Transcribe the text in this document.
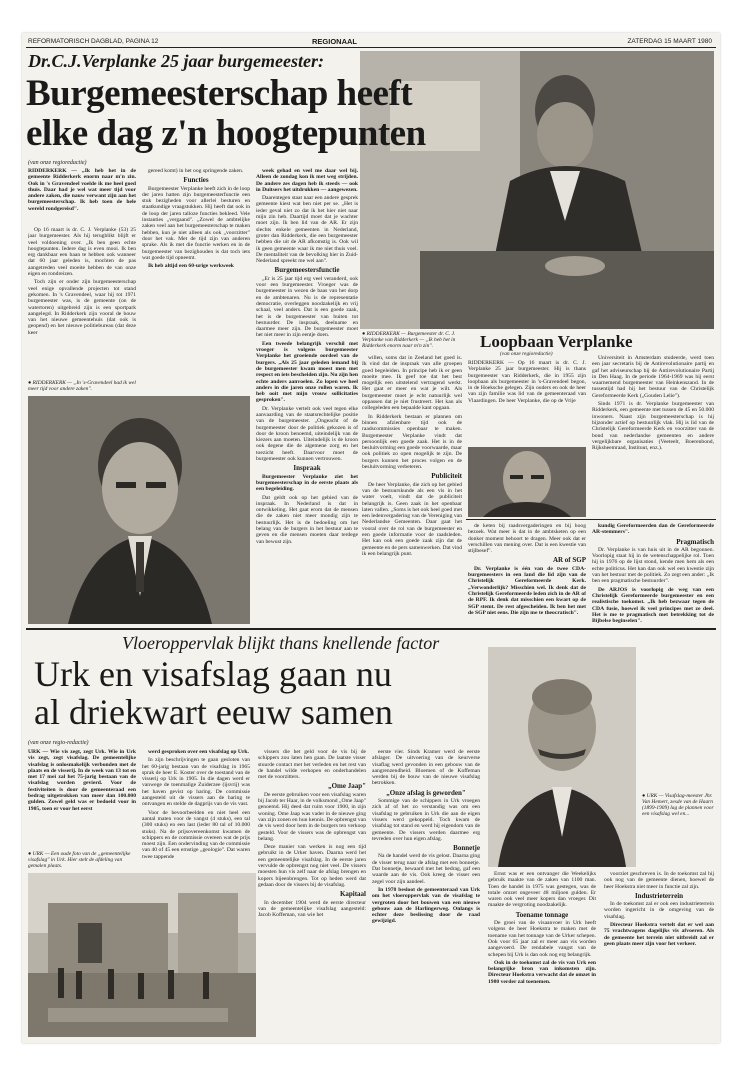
REFORMATORISCH DAGBLAD, PAGINA 12	REGIONAAL	ZATERDAG 15 MAART 1980
Dr.C.J.Verplanke 25 jaar burgemeester:
Burgemeesterschap heeft
elke dag z'n hoogtepunten
(van onze regioredactie)
RIDDERKERK — „Ik heb het in de gemeente Ridderkerk enorm naar m'n zin. Ook in 's Gravendeel voelde ik me heel goed thuis. Daar had je wel wat meer tijd voor andere zaken, die nauw verwant zijn aan het burgemeesterschap. Ik heb toen de hele wereld rondgereisd".

Op 16 maart is dr. C. J. Verplanke (53) 25 jaar burgemeester. Als hij terugblikt blijft er veel voldoening over. „Ik ben geen echte hoogtepunten. Iedere dag is even mooi. Ik ben erg dankbaar een baan te hebben ook wanneer dat 60 jaar geleden is, mochten de pas aangetreden veel moeite hebben de van onze eigen en rondreizen.

Toch zijn er onder zijn burgemeesterschap veel enige opvallende projecten tot stand gekomen. In 's Gravendeel, waar hij tot 1971 burgemeester was, is de gemeente (on de watertoren) uitgebreid zijn is een sportpark aangelegd. In Ridderkerk zijn vooral de bouw van het nieuwe gemeentehuis (dat ook is geopend) en het nieuwe politiebureau (dat deze keer

● RIDDERKERK — „In 's-Gravendeel had ik wel meer tijd voor andere zaken".

gereed komt) in het oog springende zaken.

Functies

Burgemeester Verplanke heeft zich in de loop der jaren hatten zijn burgemeesterfunctie een stuk bezigheden voor allerlei besturen en staatkundige vraagstukken. Hij heeft dat ook in de loop der jaren talloze functies bekleed. Vele instanties „vergaand". „Zowel de ambtelijke zaken veel aan het burgemeesterschap te maken hebben, kun je niet alleen als ook „voorzitter" door het vak. Met de tijd zijn van anderen sprake. Als ik met die functie werken en in de burgemeester van bezighouden is dat toch iets wat goede tijd opneemt.

Ik heb altijd een 60-urige werkweek

week gehad en veel me daar wel bij. Alleen de zondag kon ik met weg strijden. De andere zes dagen heb ik steeds — ook in Duitsers het uitdrukken — aangewezen.

Daarentegen staat naar een andere gesprek gemeente kiest wat ben niet per se. „Het is ieder geval niet zo dat ik het hier niet naar mijn zin heb. Daartijd moet dat je wachter moet zijn. Ik ben lid van de AR. Er zijn slechts enkele gemeenten in Nederland, groter dan Ridderkerk, die een burgemeester hebben die uit de AR afkomstig is. Ook wil ik geen gemeente waar ik me niet thuis voel. De mentaliteit van de bevolking hier in Zuid-Nederland spreekt me wel aan".

Burgemeestersfunctie

„Er is 25 jaar tijd erg veel veranderd, ook voor een burgemeester. Vroeger was de burgemeester in wezen de baas van het dorp en de ambtenaren. Nu is de representatie democratie, overleggen noodzakelijk en vrij schaal, veel anders. Dat is een goede zaak, het is de burgemeester van buiten tot bestuurder. De inspraak, deelname en daarmee meer zijn. De burgemeester moet het niet meer in zijn eentje doen.

Een tweede belangrijk verschil met vroeger is volgens burgemeester Verplanke het groeiende oordeel van de burgers. „Als 25 jaar geleden iemand bij de burgemeester kwam moest men met respect en iets bescheiden zijn. Nu zijn hen echte anders aanvoelen. Zo lopen we heel anders in die jaren onze rollen waren. Ik heb ooit met mijn vrouw sollicitaties gesproken".

Dr. Verplanke vertelt ook veel tegen elke aanvaarding van de staatsrechtelijke positie van de burgemeester. „Ongeacht of de burgemeester door de politiek gekozen is of door de kroon benoemd, uiteindelijk van de kiezers aan moeten. Uiteindelijk is de kroon ook degene die de algemene zorg en het toezicht heeft. Daarvoor moet de burgemeester ook kunnen vertrouwen.

Inspraak

Burgemeester Verplanke ziet het burgemeesterschap in de eerste plaats als een begeleiding.

Dat geldt ook op het gebied van de inspraak. In Nederland is dat in ontwikkeling. Het gaat erom dat de mensen die de zaken niet meer mondig zijn te bestuurlijk. Het is de bedoeling om het belang van de burgers in het bestuur aan te geven en die mensen moeten daar terdege van bewust zijn.

● RIDDERKERK — Burgemeester dr. C. J. Verplanke van Ridderkerk — „Ik heb het in Ridderkerk enorm naar m'n zin".

willen, soms dat in Zeeland het goed is. Ik vind dat de inspraak van alle groepen goed begeleiden. In principe heb ik er geen moeite mee. Ik geef toe dat het best mogelijk een uitstelend vertragend werkt. Het gaat er meer en wat je wilt. Als burgemeester moet je echt natuurlijk wel oppassen dat je niet frustreert. Het kan als collegeleden een bepaalde kant opgaan.

In Ridderkerk bestaan er plannen om binnen afzienbare tijd ook de raadscommissies openbaar te maken. Burgemeester Verplanke vindt dat persoonlijk een goede zaak. Het is in de besluitvorming een goede voorwaarde, maar ook politiek zo open mogelijk te zijn. De burgers kunnen het proces volgen en de besluitvorming verbeteren.

Publiciteit

De heer Verplanke, die zich op het gebied van de bestuurskunde als een vis in het water voelt, vindt dat de publiciteit belangrijk is. Geen zaak in het openbaar laten vallen. „Soms is het ook heel goed met een ledenvergadering van de Vereniging van Nederlandse Gemeenten. Daar gaat het vooral over de rol van de burgemeester en een goede informatie voor de raadsleden. Het kan ook een goede zaak zijn dat de gemeente en de pers samenwerken. Dat vind ik een belangrijk punt.

Loopbaan Verplanke
(van onze regioredactie)
RIDDERKERK — Op 16 maart is dr. C. J. Verplanke 25 jaar burgemeester. Hij is thans burgemeester van Ridderkerk, die in 1955 zijn loopbaan als burgemeester in 's-Gravendeel begon, in de Hoeksche gelegen. Zijn ouders en ook de heer van zijn familie was lid van de gemeenteraad van Vlaardingen. De heer Verplanke, die op de Vrije

Universiteit in Amsterdam studeerde, werd toen een jaar secretaris bij de Antirevolutionaire partij en gaf het adviseurschap bij de Antirevolutionaire Partij in Den Haag. In de periode 1964-1969 was hij eerst waarnemend burgemeester van Heinkenszand. In de tussentijd had hij het bestuur van de Christelijk Gereformeerde Kerk („Gouden Lelie").

Sinds 1971 is dr. Verplanke burgemeester van Ridderkerk, een gemeente met tussen de 45 en 50.000 inwoners. Naast zijn burgemeesterschap is hij bijzonder actief op bestuurlijk vlak. Hij is lid van de Christelijk Gereformeerde Kerk en voorzitter van de bond van nederlandse gemeenten en andere vergelijkbare organisaties (Veeteelt, Boerenbond, Rijksheemraad, Instituut, enz.).

de keten bij raadsvergaderingen en bij hoog bezoek. Wat meer is dat in de ambtsketen op een donker moment behoort te dragen. Meer ook dat er verschillen van mening over. Dat is een kwestie van stijlbesef".

AR of SGP

Dr. Verplanke is één van de twee CDA-burgemeesters in een land die lid zijn van de Christelijk Gereformeerde Kerk. „Verwonderlijk? Misschien wel. Ik denk dat de Christelijk Gereformeerde leden zich in de AR of de RPF. Ik denk dat misschien een kwart op de SGP stemt. De rest afgescheiden. Ik ben het met de SGP niet eens. Die zijn me te theocratisch".

kundig Gereformeerden dan de Gereformeerde AR-stemmers".

Pragmatisch

Dr. Verplanke is van huis uit in de AR begonnen. Voorlopig staat hij in de wetenschappelijke rol. Toen hij in 1976 op de lijst stond, kende men hem als een echte politicus. Het kan dan ook wel een kwestie zijn van het bestuur met de politiek. Zo zegt een ander: „Ik ben een pragmatische bestuurder".

De ARJOS is voorlopig de weg van een Christelijk Gereformeerde burgemeester en een realistische toekomst. „Ik heb bezwaar tegen de CDA fusie, hoewel ik veel principes met ze deel. Het is me te pragmatisch met betrekking tot de Bijbelse beginselen".

Vloeroppervlak blijkt thans knellende factor
Urk en visafslag gaan nu
al driekwart eeuw samen
(van onze regio-redactie)
URK — Wie vis zegt, zegt Urk. Wie in Urk vis zegt, zegt visafslag. De gemeentelijke visafslag is onlosmakelijk verbonden met de plaats en de visserij. In de week van 13 tot en met 17 mei zal het 75-jarig bestaan van de visafslag worden gevierd. Voor de festiviteiten is door de gemeenteraad een bedrag uitgetrokken van meer dan 100.000 gulden. Zowel geld was er bedoeld voor in 1905, toen er voor het eerst
● URK — Een oude foto van de „gemeentelijke visafslag" in Urk. Hier stelt de afdeling van gemalen plaats.

werd gesproken over een visafslag op Urk.

In zijn beschrijvingen te gaan gesloten van het 60-jarig bestaan van de visafslag in 1965 sprak de heer E. Koster over de toestand van de visserij op Urk in 1905. In die dagen werd er vanwege de toenmalige Zuiderzee (ijsvrij) was het haven gevist op haring. De commissie aangesteld uit de vissers aan de haring te ontvangen en stelde de dagprijs van de vis vast.

Voor de bevoorbeelden en niet heel een aantal maten voor de vangst (4 stuks), een tal (300 stuks) en een last (ieder 80 tal of 10.000 stuks). Na de prijsovereenkomst kwamen de schippers en de commissie overeen wat de prijs moest zijn. Een ondervinding van de commissie van 40 of 45 een ernstige „geologie". Dat waren twee tappende

vissers die het geld voor de vis bij de schippers zou laten hen gaan. De laatste visser stuurde contact met het verleden en het rest van de handel wilde verkopen en onderhandelen met de voorzitters.

„Ome Jaap"

De eerste gebruiken voor een visafslag waren bij Jacob ter Haar, in de volksmond „Ome Jaap" genoemd. Hij deed dat ruim voor 1900, in zijn woning. Ome Jaap was vader in de nieuwe ging van zijn zonen en hun kennis. De opbrengst van de vis werd door hem in de burgers ten verkoop gesteld. Voor de vissers was de opbrengst van belang.

Deze manier van werken is nog een tijd gebruikt in de Urker haven. Daarna werd het een gemeentelijke visafslag. In de eerste jaren vervulde de opbrengst nog niet veel. De vissers moesten hun vis zelf naar de afslag brengen en kopers bijeenbrengen. Tot op heden werd dat gedaan door de vissers bij de visafslag.

Kapitaal

In december 1904 werd de eerste directeur van de gemeentelijke visafslag aangesteld: Jacob Koffeman, van wie het

eerste vier. Sinds Kramer werd de eerste afslager. De uitvoering van de keurverse visaflag werd gevonden in een gebouw van de aangrenzendheid. Bloemen of de Koffeman werden bij de bouw van de nieuwe visafslag betrokken.

„Onze afslag is geworden"

Sommige van de schippers in Urk vroegen zich af of het zo verstandig was om een visafslag te gebruiken in Urk die aan de eigen vissers werd gekoppeld. Toch kwam de visafslag tot stand en werd hij eigendom van de gemeente. De vissers werden daarmee erg tevreden over hun eigen afslag.

Bonnetje

Na de handel werd de vis gelost. Daarna ging de visser terug naar de afslag met een bonnetje. Dat bonnetje, bewaard met het bedrag, gaf een waarde aan de vis. Ook kreeg de visser een zegel voor zijn aandeel.

In 1978 besloot de gemeenteraad van Urk om het vloeroppervlak van de visafslag te vergroten door het bouwen van een nieuwe gebouw aan de Harlingerweg. Onlangs is echter deze beslissing door de raad gewijzigd.

● URK — Visafslag-meester Jhr. Van Hemert, zesde van de Haarn (1899-1909) lag de plannen voor een visafslag wel en...

Ernst was er een ontvanger die Weekelijks gebruik maakte van de zaken van 1100 man. Toen de handel in 1975 was gestegen, was de totale omzet ongeveer 48 miljoen gulden. Er waren ook veel meer kopers dan vroeger. Dit maakte de vergroting noodzakelijk.

Toename tonnage

De groei van de visaanvoer in Urk heeft volgens de heer Hoekstra te maken met de toename van het tonnage van de Urker schepen. Ook voor 65 jaar zal er meer aan vis worden aangevoerd. De rendabele vangst van de schepen bij Urk is dan ook nog erg belangrijk.

Ook in de toekomst zal de vis van Urk een belangrijke bron van inkomsten zijn. Directeur Hoekstra verwacht dat de omzet in 1980 verder zal toenemen.

voorziet geschreven is. In de toekomst zal hij ook nog van de gemeente dienen, hoewel de heer Hoekstra niet meer in functie zal zijn.

Industrieterrein

In de toekomst zal er ook een industrieterrein worden ingericht in de omgeving van de visafslag.

Directeur Hoekstra vertelt dat er wel aan 75 vrachtwagens dagelijks vis afvoeren. Als de gemeente het terrein niet uitbreidt zal er geen plaats meer zijn voor het verkeer.
